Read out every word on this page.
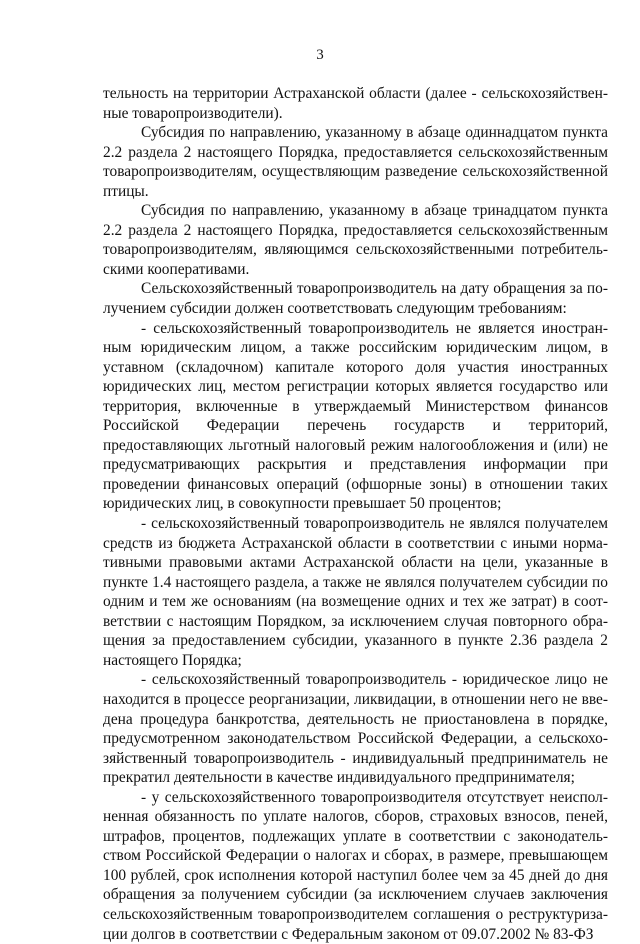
3

тельность на территории Астраханской области (далее - сельскохозяйственные товаропроизводители).

Субсидия по направлению, указанному в абзаце одиннадцатом пункта 2.2 раздела 2 настоящего Порядка, предоставляется сельскохозяйственным товаропроизводителям, осуществляющим разведение сельскохозяйственной птицы.

Субсидия по направлению, указанному в абзаце тринадцатом пункта 2.2 раздела 2 настоящего Порядка, предоставляется сельскохозяйственным товаропроизводителям, являющимся сельскохозяйственными потребительскими кооперативами.

Сельскохозяйственный товаропроизводитель на дату обращения за получением субсидии должен соответствовать следующим требованиям:

- сельскохозяйственный товаропроизводитель не является иностранным юридическим лицом, а также российским юридическим лицом, в уставном (складочном) капитале которого доля участия иностранных юридических лиц, местом регистрации которых является государство или территория, включенные в утверждаемый Министерством финансов Российской Федерации перечень государств и территорий, предоставляющих льготный налоговый режим налогообложения и (или) не предусматривающих раскрытия и представления информации при проведении финансовых операций (офшорные зоны) в отношении таких юридических лиц, в совокупности превышает 50 процентов;

- сельскохозяйственный товаропроизводитель не являлся получателем средств из бюджета Астраханской области в соответствии с иными нормативными правовыми актами Астраханской области на цели, указанные в пункте 1.4 настоящего раздела, а также не являлся получателем субсидии по одним и тем же основаниям (на возмещение одних и тех же затрат) в соответствии с настоящим Порядком, за исключением случая повторного обращения за предоставлением субсидии, указанного в пункте 2.36 раздела 2 настоящего Порядка;

- сельскохозяйственный товаропроизводитель - юридическое лицо не находится в процессе реорганизации, ликвидации, в отношении него не введена процедура банкротства, деятельность не приостановлена в порядке, предусмотренном законодательством Российской Федерации, а сельскохозяйственный товаропроизводитель - индивидуальный предприниматель не прекратил деятельности в качестве индивидуального предпринимателя;

- у сельскохозяйственного товаропроизводителя отсутствует неисполненная обязанность по уплате налогов, сборов, страховых взносов, пеней, штрафов, процентов, подлежащих уплате в соответствии с законодательством Российской Федерации о налогах и сборах, в размере, превышающем 100 рублей, срок исполнения которой наступил более чем за 45 дней до дня обращения за получением субсидии (за исключением случаев заключения сельскохозяйственным товаропроизводителем соглашения о реструктуризации долгов в соответствии с Федеральным законом от 09.07.2002 № 83-ФЗ
